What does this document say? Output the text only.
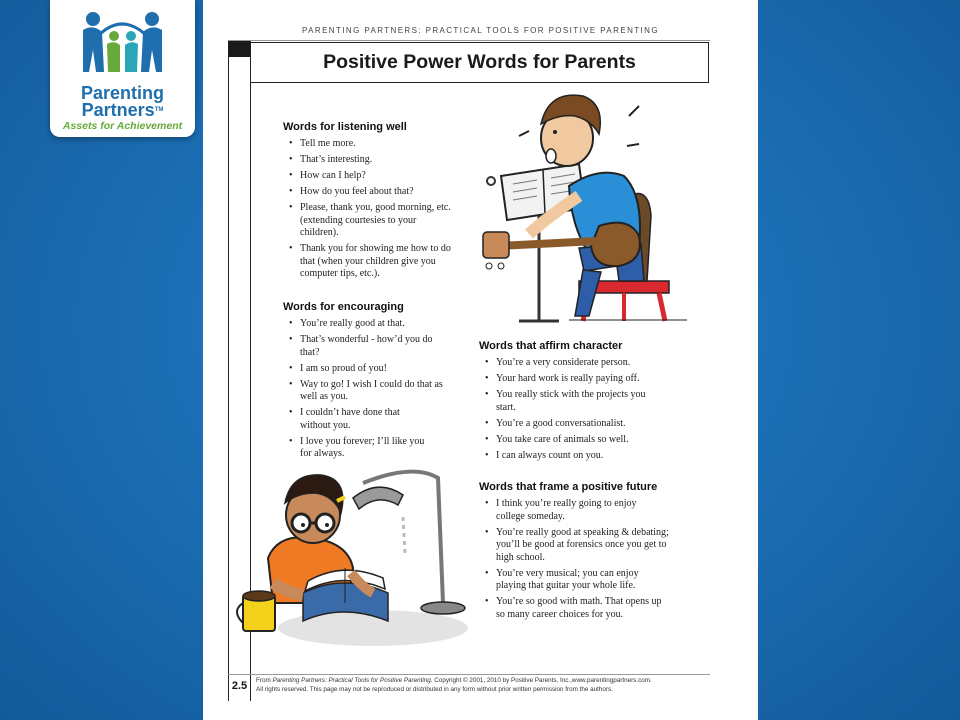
Parenting
Partners™
Assets for Achievement
PARENTING PARTNERS: PRACTICAL TOOLS FOR POSITIVE PARENTING
Positive Power Words for Parents
Words for listening well
• Tell me more.
• That’s interesting.
• How can I help?
• How do you feel about that?
• Please, thank you, good morning, etc. (extending courtesies to your children).
• Thank you for showing me how to do that (when your children give you computer tips, etc.).
Words for encouraging
• You’re really good at that.
• That’s wonderful - how’d you do that?
• I am so proud of you!
• Way to go! I wish I could do that as well as you.
• I couldn’t have done that without you.
• I love you forever; I’ll like you for always.
Words that affirm character
• You’re a very considerate person.
• Your hard work is really paying off.
• You really stick with the projects you start.
• You’re a good conversationalist.
• You take care of animals so well.
• I can always count on you.
Words that frame a positive future
• I think you’re really going to enjoy college someday.
• You’re really good at speaking & debating; you’ll be good at forensics once you get to high school.
• You’re very musical; you can enjoy playing that guitar your whole life.
• You’re so good with math. That opens up so many career choices for you.
2.5	From Parenting Partners: Practical Tools for Positive Parenting. Copyright © 2001, 2010 by Positive Parents, Inc.,www.parentingpartners.com.
All rights reserved. This page may not be reproduced or distributed in any form without prior written permission from the authors.
